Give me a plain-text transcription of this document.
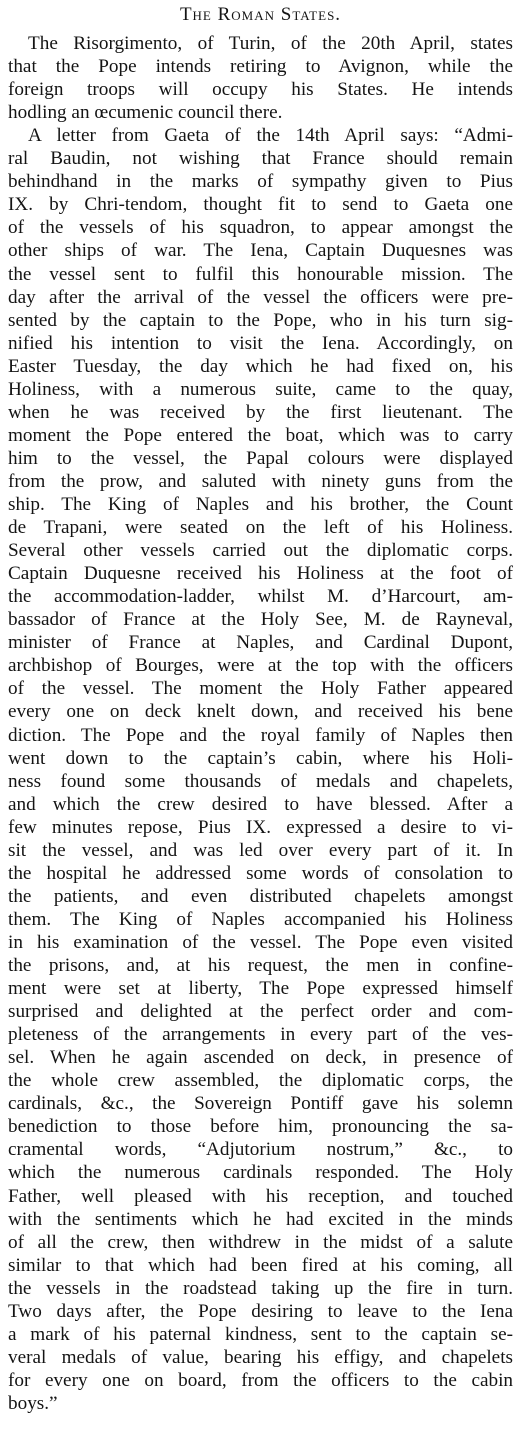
The Roman States.
The Risorgimento, of Turin, of the 20th April, states
that the Pope intends retiring to Avignon, while the
foreign troops will occupy his States. He intends
hodling an œcumenic council there.
A letter from Gaeta of the 14th April says: “Admi-
ral Baudin, not wishing that France should remain
behindhand in the marks of sympathy given to Pius
IX. by Chri-tendom, thought fit to send to Gaeta one
of the vessels of his squadron, to appear amongst the
other ships of war. The Iena, Captain Duquesnes was
the vessel sent to fulfil this honourable mission. The
day after the arrival of the vessel the officers were pre-
sented by the captain to the Pope, who in his turn sig-
nified his intention to visit the Iena. Accordingly, on
Easter Tuesday, the day which he had fixed on, his
Holiness, with a numerous suite, came to the quay,
when he was received by the first lieutenant. The
moment the Pope entered the boat, which was to carry
him to the vessel, the Papal colours were displayed
from the prow, and saluted with ninety guns from the
ship. The King of Naples and his brother, the Count
de Trapani, were seated on the left of his Holiness.
Several other vessels carried out the diplomatic corps.
Captain Duquesne received his Holiness at the foot of
the accommodation-ladder, whilst M. d’Harcourt, am-
bassador of France at the Holy See, M. de Rayneval,
minister of France at Naples, and Cardinal Dupont,
archbishop of Bourges, were at the top with the officers
of the vessel. The moment the Holy Father appeared
every one on deck knelt down, and received his bene
diction. The Pope and the royal family of Naples then
went down to the captain’s cabin, where his Holi-
ness found some thousands of medals and chapelets,
and which the crew desired to have blessed. After a
few minutes repose, Pius IX. expressed a desire to vi-
sit the vessel, and was led over every part of it. In
the hospital he addressed some words of consolation to
the patients, and even distributed chapelets amongst
them. The King of Naples accompanied his Holiness
in his examination of the vessel. The Pope even visited
the prisons, and, at his request, the men in confine-
ment were set at liberty, The Pope expressed himself
surprised and delighted at the perfect order and com-
pleteness of the arrangements in every part of the ves-
sel. When he again ascended on deck, in presence of
the whole crew assembled, the diplomatic corps, the
cardinals, &c., the Sovereign Pontiff gave his solemn
benediction to those before him, pronouncing the sa-
cramental words, “Adjutorium nostrum,” &c., to
which the numerous cardinals responded. The Holy
Father, well pleased with his reception, and touched
with the sentiments which he had excited in the minds
of all the crew, then withdrew in the midst of a salute
similar to that which had been fired at his coming, all
the vessels in the roadstead taking up the fire in turn.
Two days after, the Pope desiring to leave to the Iena
a mark of his paternal kindness, sent to the captain se-
veral medals of value, bearing his effigy, and chapelets
for every one on board, from the officers to the cabin
boys.”
